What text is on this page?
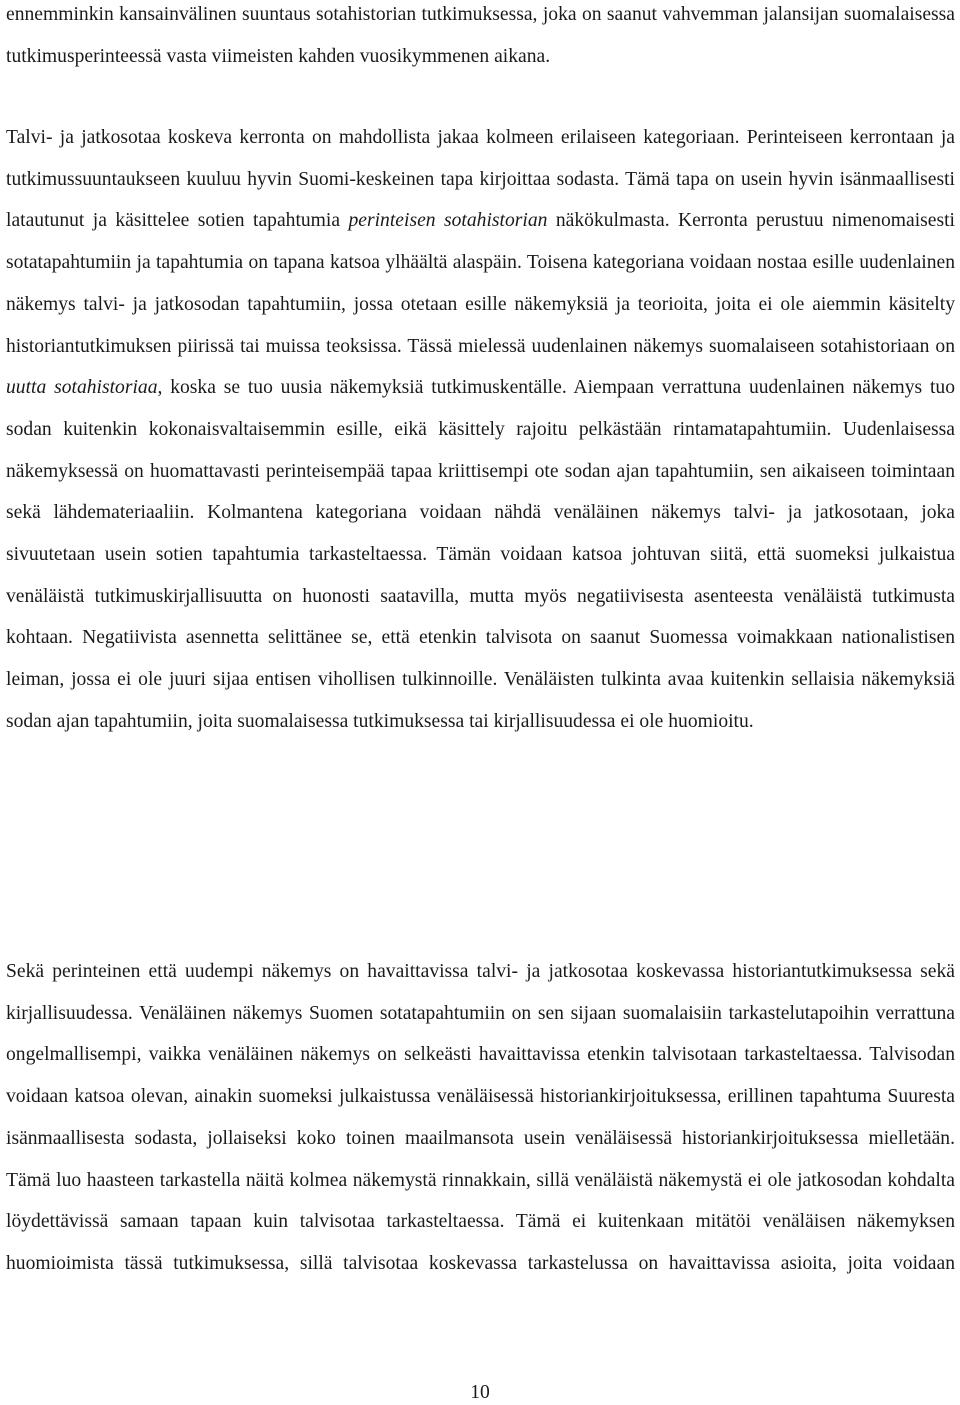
ennemminkin kansainvälinen suuntaus sotahistorian tutkimuksessa, joka on saanut vahvemman jalansijan suomalaisessa tutkimusperinteessä vasta viimeisten kahden vuosikymmenen aikana.

Talvi- ja jatkosotaa koskeva kerronta on mahdollista jakaa kolmeen erilaiseen kategoriaan. Perinteiseen kerrontaan ja tutkimussuuntaukseen kuuluu hyvin Suomi-keskeinen tapa kirjoittaa sodasta. Tämä tapa on usein hyvin isänmaallisesti latautunut ja käsittelee sotien tapahtumia perinteisen sotahistorian näkökulmasta. Kerronta perustuu nimenomaisesti sotatapahtumiin ja tapahtumia on tapana katsoa ylhäältä alaspäin. Toisena kategoriana voidaan nostaa esille uudenlainen näkemys talvi- ja jatkosodan tapahtumiin, jossa otetaan esille näkemyksiä ja teorioita, joita ei ole aiemmin käsitelty historiantutkimuksen piirissä tai muissa teoksissa. Tässä mielessä uudenlainen näkemys suomalaiseen sotahistoriaan on uutta sotahistoriaa, koska se tuo uusia näkemyksiä tutkimuskentälle. Aiempaan verrattuna uudenlainen näkemys tuo sodan kuitenkin kokonaisvaltaisemmin esille, eikä käsittely rajoitu pelkästään rintamatapahtumiin. Uudenlaisessa näkemyksessä on huomattavasti perinteisempää tapaa kriittisempi ote sodan ajan tapahtumiin, sen aikaiseen toimintaan sekä lähdemateriaaliin. Kolmantena kategoriana voidaan nähdä venäläinen näkemys talvi- ja jatkosotaan, joka sivuutetaan usein sotien tapahtumia tarkasteltaessa. Tämän voidaan katsoa johtuvan siitä, että suomeksi julkaistua venäläistä tutkimuskirjallisuutta on huonosti saatavilla, mutta myös negatiivisesta asenteesta venäläistä tutkimusta kohtaan. Negatiivista asennetta selittänee se, että etenkin talvisota on saanut Suomessa voimakkaan nationalistisen leiman, jossa ei ole juuri sijaa entisen vihollisen tulkinnoille. Venäläisten tulkinta avaa kuitenkin sellaisia näkemyksiä sodan ajan tapahtumiin, joita suomalaisessa tutkimuksessa tai kirjallisuudessa ei ole huomioitu.

Sekä perinteinen että uudempi näkemys on havaittavissa talvi- ja jatkosotaa koskevassa historiantutkimuksessa sekä kirjallisuudessa. Venäläinen näkemys Suomen sotatapahtumiin on sen sijaan suomalaisiin tarkastelutapoihin verrattuna ongelmallisempi, vaikka venäläinen näkemys on selkeästi havaittavissa etenkin talvisotaan tarkasteltaessa. Talvisodan voidaan katsoa olevan, ainakin suomeksi julkaistussa venäläisessä historiankirjoituksessa, erillinen tapahtuma Suuresta isänmaallisesta sodasta, jollaiseksi koko toinen maailmansota usein venäläisessä historiankirjoituksessa mielletään. Tämä luo haasteen tarkastella näitä kolmea näkemystä rinnakkain, sillä venäläistä näkemystä ei ole jatkosodan kohdalta löydettävissä samaan tapaan kuin talvisotaa tarkasteltaessa. Tämä ei kuitenkaan mitätöi venäläisen näkemyksen huomioimista tässä tutkimuksessa, sillä talvisotaa koskevassa tarkastelussa on havaittavissa asioita, joita voidaan

10
